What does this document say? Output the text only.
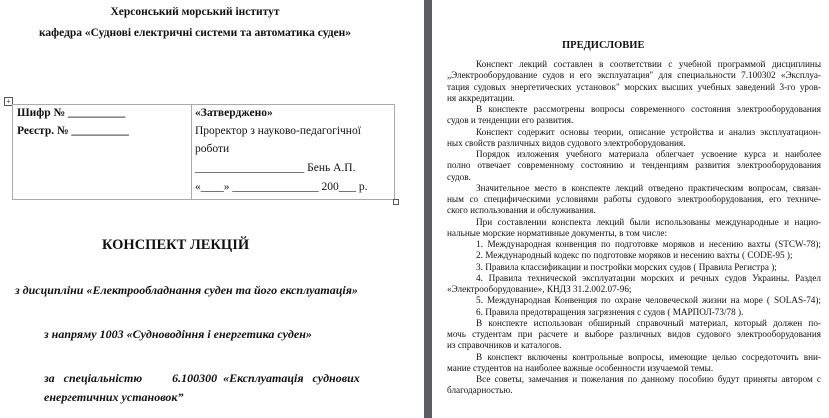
Херсонський морський інститут
кафедра «Суднові електричні системи та автоматика суден»
+
Шифр № __________
Реєстр. № __________
«Затверджено»
Проректор з науково-педагогічної
роботи
___________________ Бень А.П.
«____» _______________ 200___ р.
КОНСПЕКТ ЛЕКЦІЙ
з дисципліни «Електрообладнання суден та його експлуатація»
з напряму 1003 «Судноводіння і енергетика суден»
за   спеціальністю          6.100300  «Експлуатація   суднових
енергетичних установок”
ПРЕДИСЛОВИЕ
Конспект лекций составлен в соответствии с учебной программой дисциплины
„Электрооборудование судов и его эксплуатация" для специальности 7.100302 «Эксплуа-
тация судовых энергетических установок" морских высших учебных заведений 3-го уров-
ня аккредитации.
В конспекте рассмотрены вопросы современного состояния электрооборудования
судов и тенденции его развития.
Конспект содержит основы теории, описание устройства и анализ эксплуатацион-
ных свойств различных видов судового электроборудования.
Порядок изложения учебного материала облегчает усвоение курса и наиболее
полно отвечает современному состоянию и тенденциям развития электрооборудования
судов.
Значительное место в конспекте лекций отведено практическим вопросам, связан-
ным со специфическими условиями работы судового электрооборудования, его техниче-
ского использования и обслуживания.
При составлении конспекта лекций были использованы международные и нацио-
нальные морские нормативные документы, в том числе:
1. Международная конвенция по подготовке моряков и несению вахты (STCW-78);
2. Международный кодекс по подготовке моряков и несению вахты ( CODE-95 );
3. Правила классификации и постройки морских судов ( Правила Регистра );
4. Правила технической эксплуатации морских и речных судов Украины. Раздел
«Электрооборудование», КНДЗ 31.2.002.07-96;
5. Международная Конвенция по охране человеческой жизни на море ( SOLAS-74);
6. Правила предотвращения загрязнения с судов ( МАРПОЛ-73/78 ).
В конспекте использован обширный справочный материал, который должен по-
мочь студентам при расчете и выборе различных видов судового электрооборудования
из справочников и каталогов.
В конспект включены контрольные вопросы, имеющие целью сосредоточить вни-
мание студентов на наиболее важные особенности изучаемой темы.
Все советы, замечания и пожелания по данному пособию будут приняты автором с
благодарностью.
